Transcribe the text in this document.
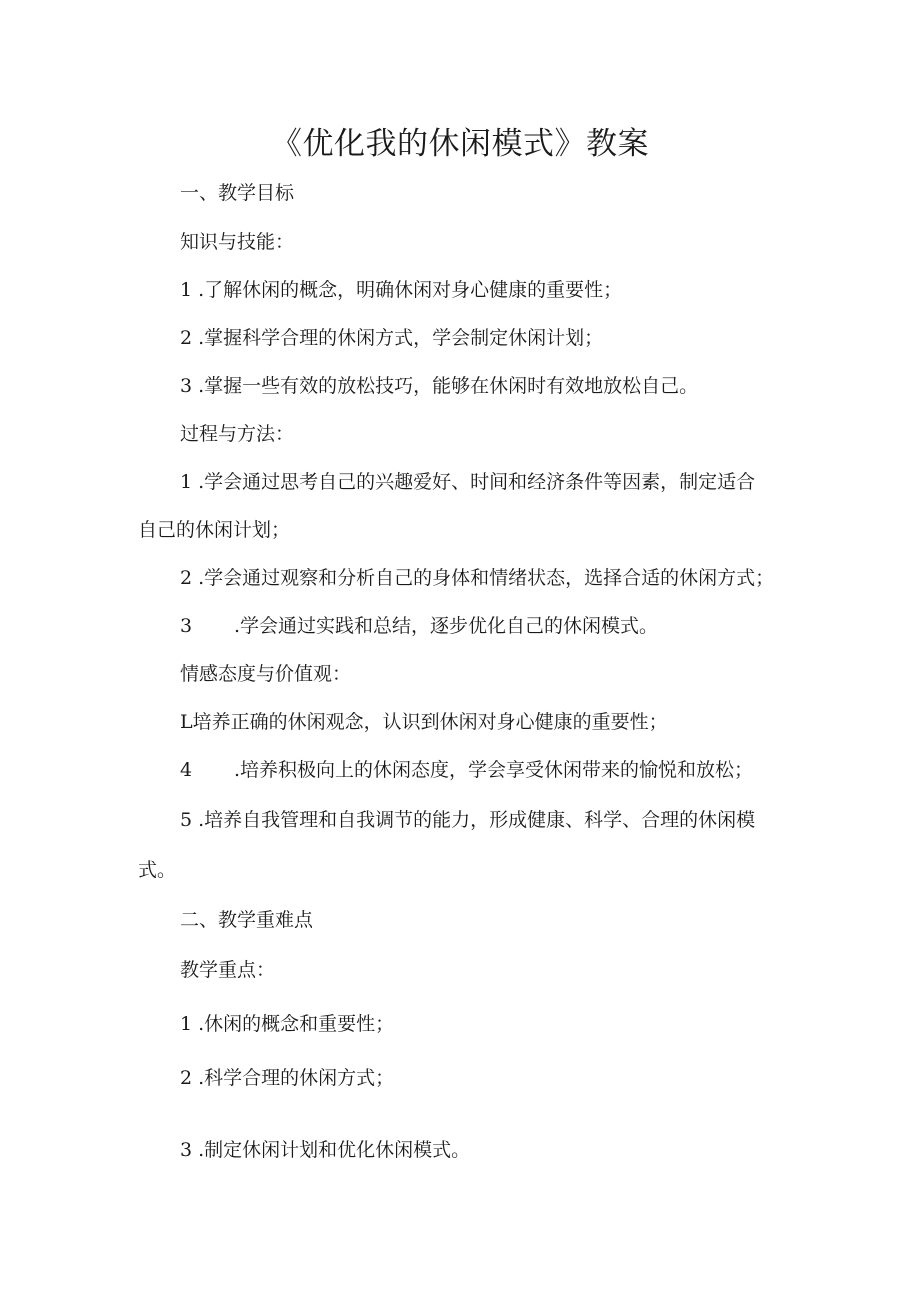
《优化我的休闲模式》教案

一、教学目标

知识与技能：

1 .了解休闲的概念，明确休闲对身心健康的重要性；

2 .掌握科学合理的休闲方式，学会制定休闲计划；

3 .掌握一些有效的放松技巧，能够在休闲时有效地放松自己。

过程与方法：

1 .学会通过思考自己的兴趣爱好、时间和经济条件等因素，制定适合

自己的休闲计划；

2 .学会通过观察和分析自己的身体和情绪状态，选择合适的休闲方式；

3 .学会通过实践和总结，逐步优化自己的休闲模式。

情感态度与价值观：

L培养正确的休闲观念，认识到休闲对身心健康的重要性；

4 .培养积极向上的休闲态度，学会享受休闲带来的愉悦和放松；

5 .培养自我管理和自我调节的能力，形成健康、科学、合理的休闲模

式。

二、教学重难点

教学重点：

1 .休闲的概念和重要性；

2 .科学合理的休闲方式；

3 .制定休闲计划和优化休闲模式。
